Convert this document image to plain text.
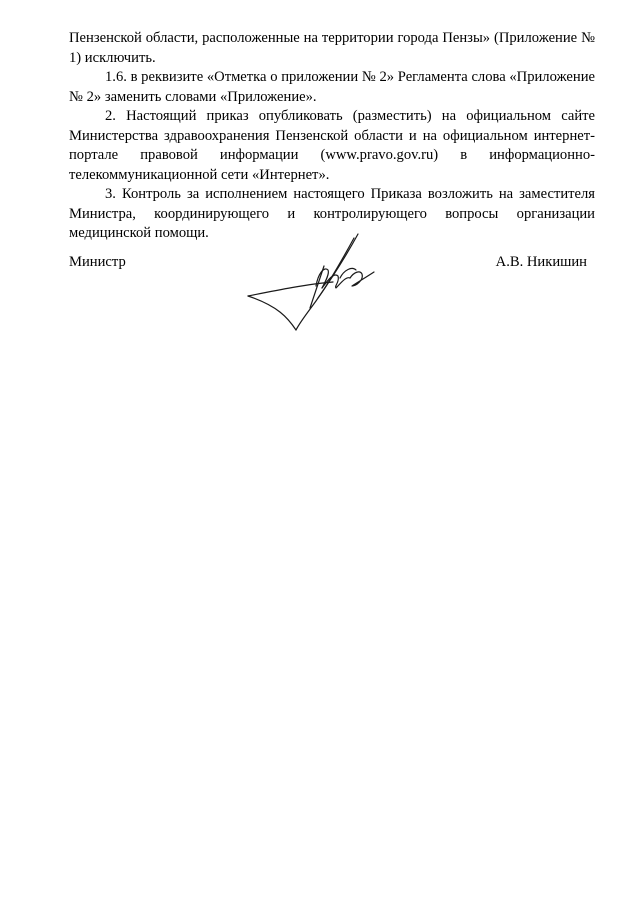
Пензенской области, расположенные на территории города Пензы» (Приложение № 1) исключить.

1.6. в реквизите «Отметка о приложении № 2» Регламента слова «Приложение № 2» заменить словами «Приложение».

2. Настоящий приказ опубликовать (разместить) на официальном сайте Министерства здравоохранения Пензенской области и на официальном интернет-портале правовой информации (www.pravo.gov.ru) в информационно-телекоммуникационной сети «Интернет».

3. Контроль за исполнением настоящего Приказа возложить на заместителя Министра, координирующего и контролирующего вопросы организации медицинской помощи.

Министр	А.В. Никишин
